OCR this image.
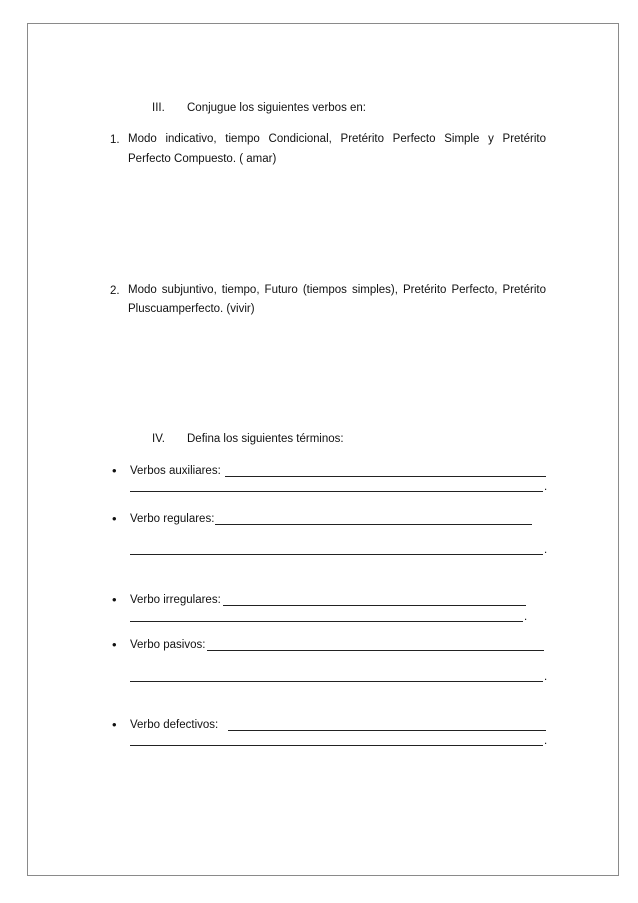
III. Conjugue los siguientes verbos en:
1. Modo indicativo, tiempo Condicional, Pretérito Perfecto Simple y Pretérito
Perfecto Compuesto. ( amar)
2. Modo subjuntivo, tiempo, Futuro (tiempos simples), Pretérito Perfecto, Pretérito
Pluscuamperfecto. (vivir)
IV. Defina los siguientes términos:
• Verbos auxiliares:
.
• Verbo regulares:
.
• Verbo irregulares:
.
• Verbo pasivos:
.
• Verbo defectivos:
.
